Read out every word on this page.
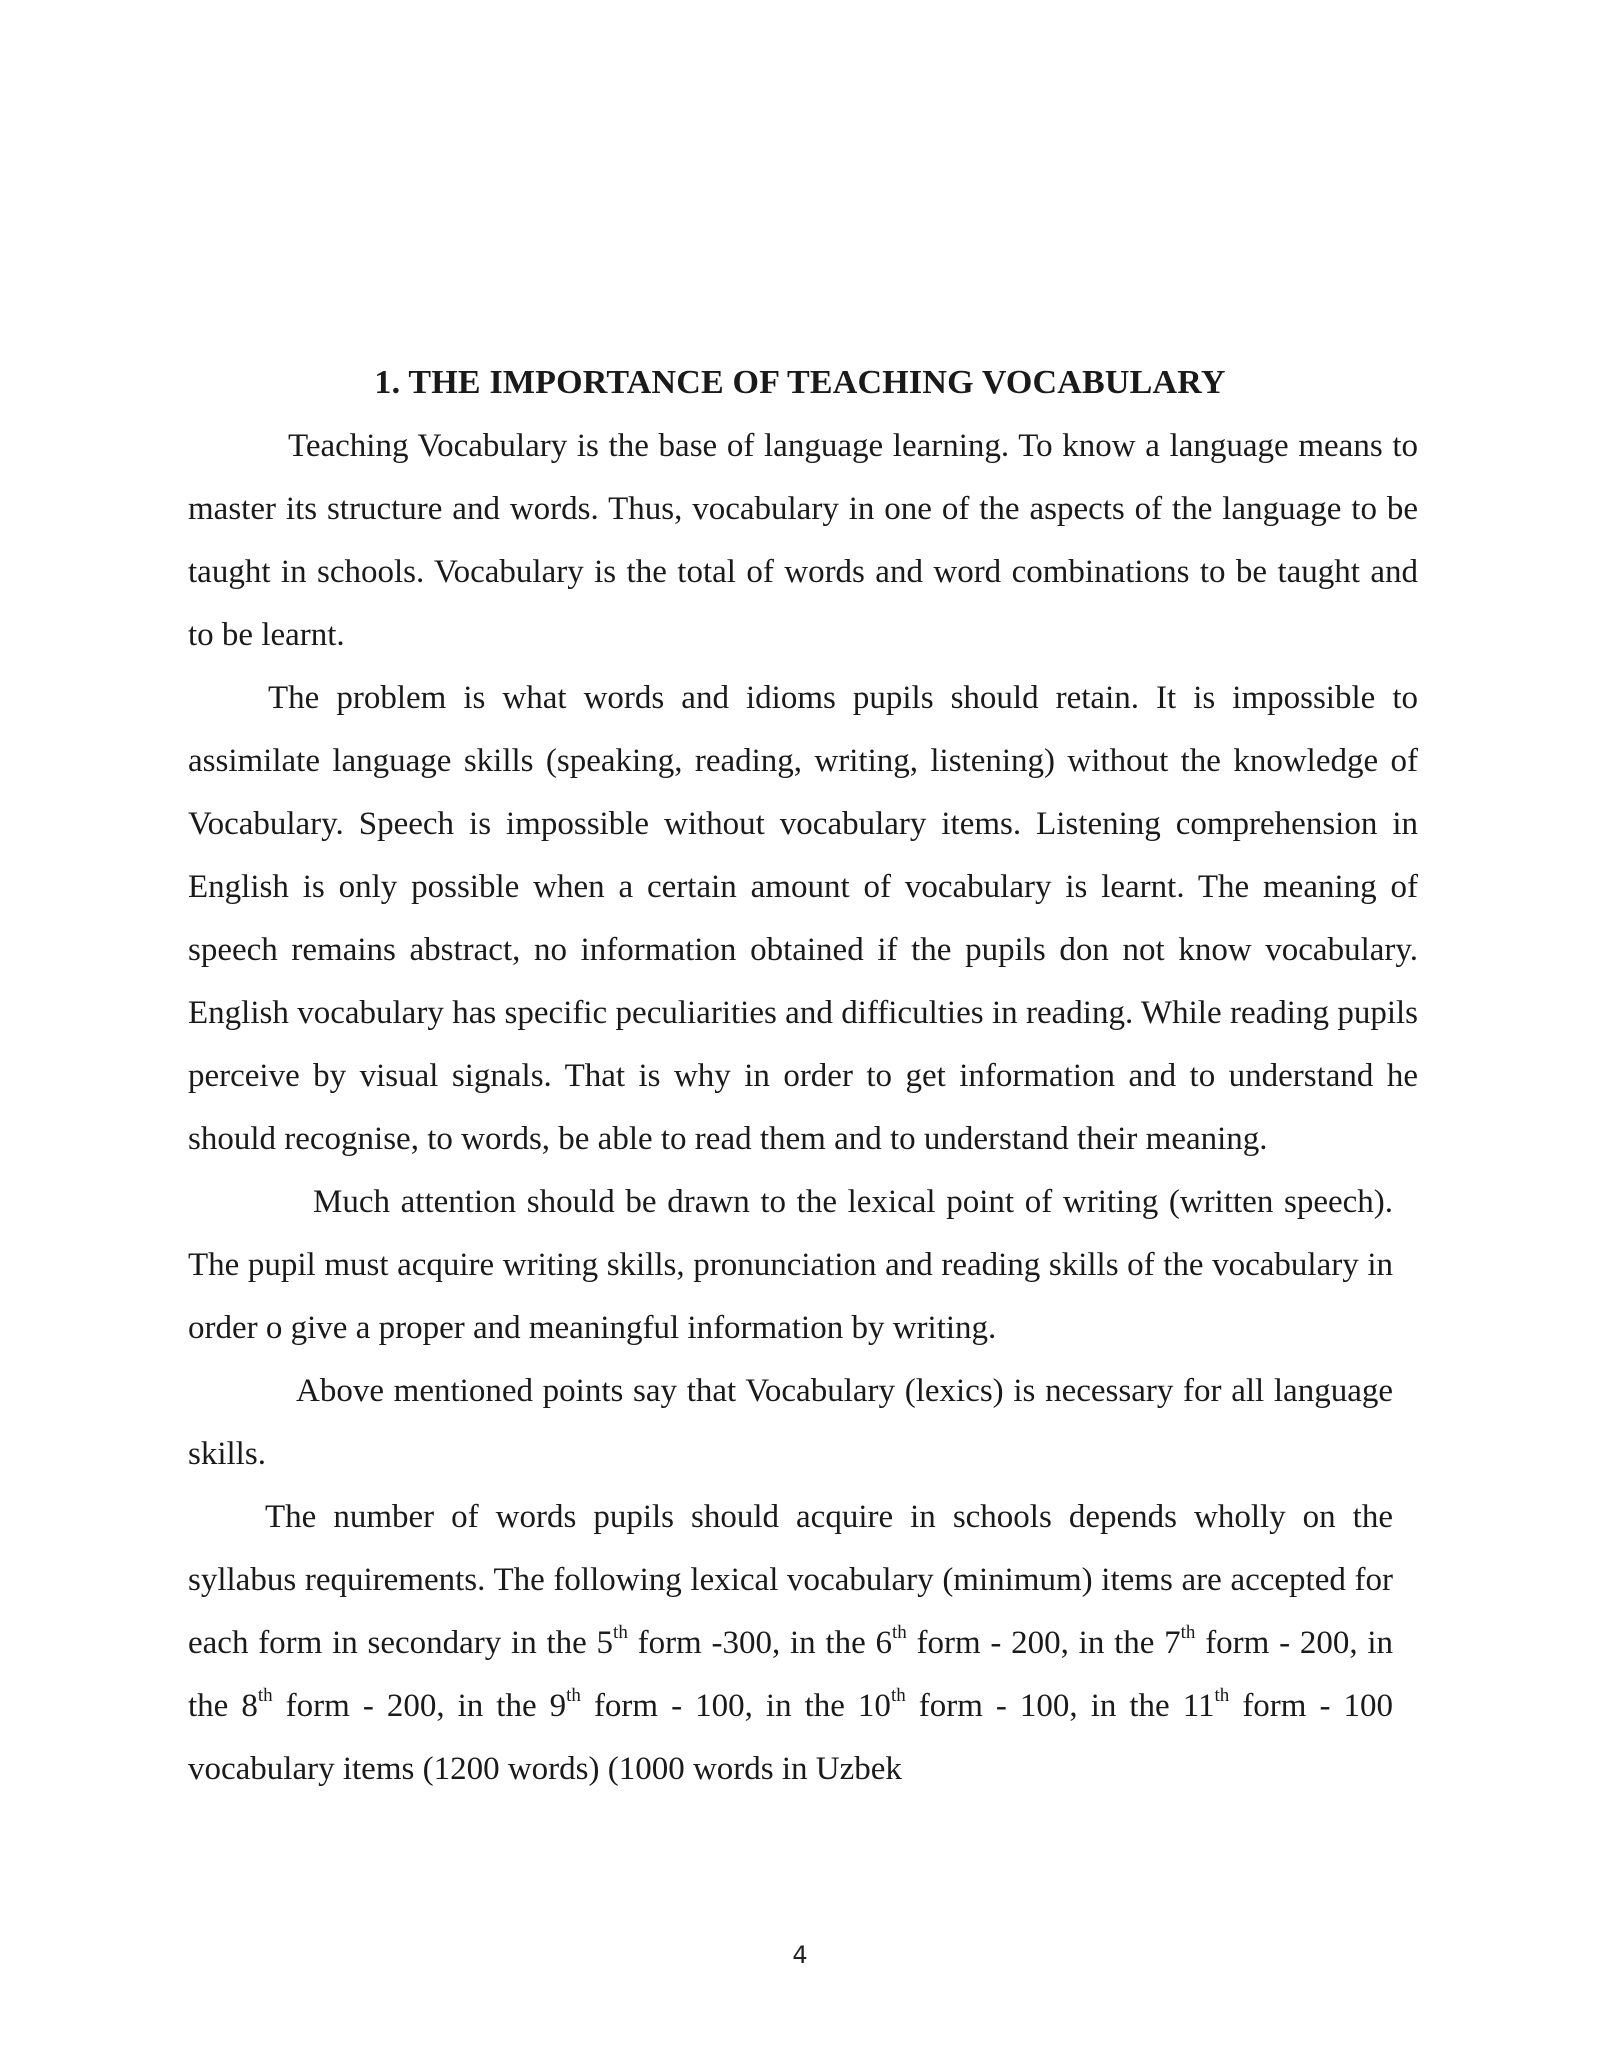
1. THE IMPORTANCE OF TEACHING VOCABULARY

Teaching Vocabulary is the base of language learning. To know a language means to master its structure and words. Thus, vocabulary in one of the aspects of the language to be taught in schools. Vocabulary is the total of words and word combinations to be taught and to be learnt.

The problem is what words and idioms pupils should retain. It is impossible to assimilate language skills (speaking, reading, writing, listening) without the knowledge of Vocabulary. Speech is impossible without vocabulary items. Listening comprehension in English is only possible when a certain amount of vocabulary is learnt. The meaning of speech remains abstract, no information obtained if the pupils don not know vocabulary. English vocabulary has specific peculiarities and difficulties in reading. While reading pupils perceive by visual signals. That is why in order to get information and to understand he should recognise, to words, be able to read them and to understand their meaning.

Much attention should be drawn to the lexical point of writing (written speech). The pupil must acquire writing skills, pronunciation and reading skills of the vocabulary in order o give a proper and meaningful information by writing.

Above mentioned points say that Vocabulary (lexics) is necessary for all language skills.

The number of words pupils should acquire in schools depends wholly on the syllabus requirements. The following lexical vocabulary (minimum) items are accepted for each form in secondary in the 5th form -300, in the 6th form - 200, in the 7th form - 200, in the 8th form - 200, in the 9th form - 100, in the 10th form - 100, in the 11th form - 100 vocabulary items (1200 words) (1000 words in Uzbek

4
